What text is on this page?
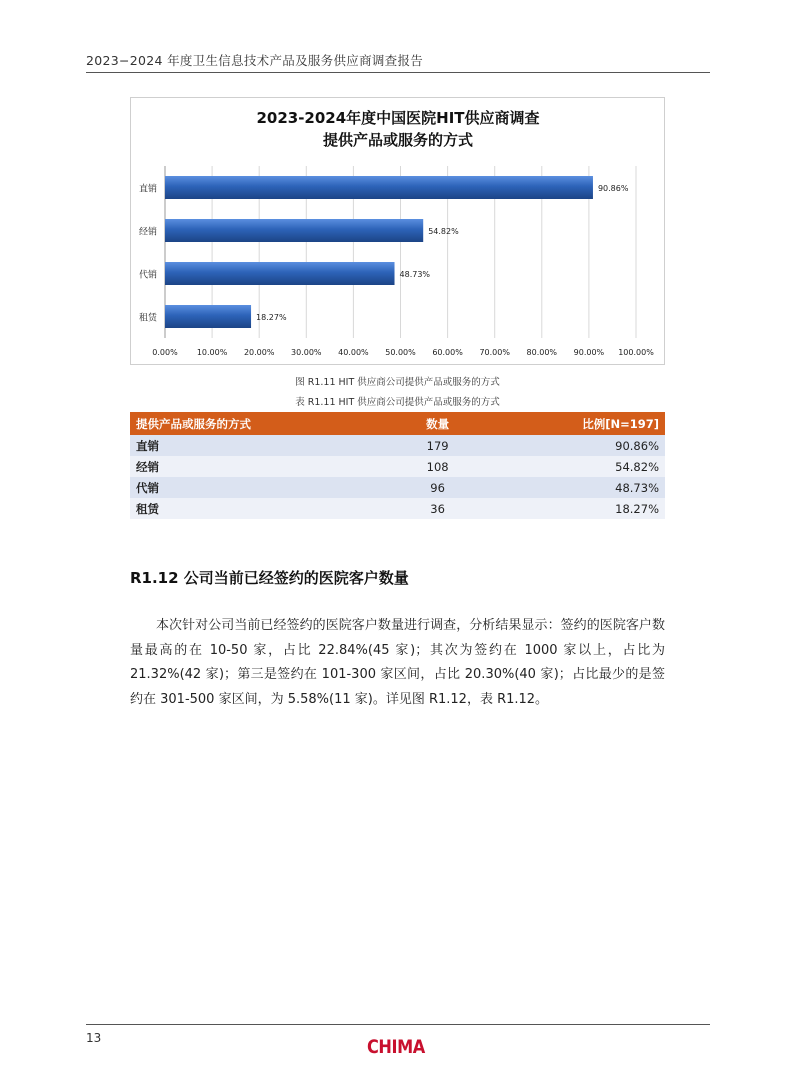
2023−2024 年度卫生信息技术产品及服务供应商调查报告
2023-2024年度中国医院HIT供应商调查
提供产品或服务的方式
直销	90.86%
经销	54.82%
代销	48.73%
租赁	18.27%
0.00% 10.00% 20.00% 30.00% 40.00% 50.00% 60.00% 70.00% 80.00% 90.00% 100.00%
图 R1.11 HIT 供应商公司提供产品或服务的方式
表 R1.11 HIT 供应商公司提供产品或服务的方式
提供产品或服务的方式	数量	比例[N=197]
直销	179	90.86%
经销	108	54.82%
代销	96	48.73%
租赁	36	18.27%
R1.12 公司当前已经签约的医院客户数量

本次针对公司当前已经签约的医院客户数量进行调查，分析结果显示：签约的医院客户数量最高的在 10-50 家，占比 22.84%(45 家)；其次为签约在 1000 家以上，占比为 21.32%(42 家)；第三是签约在 101-300 家区间，占比 20.30%(40 家)；占比最少的是签约在 301-500 家区间，为 5.58%(11 家)。详见图 R1.12，表 R1.12。

13	CHIMA
